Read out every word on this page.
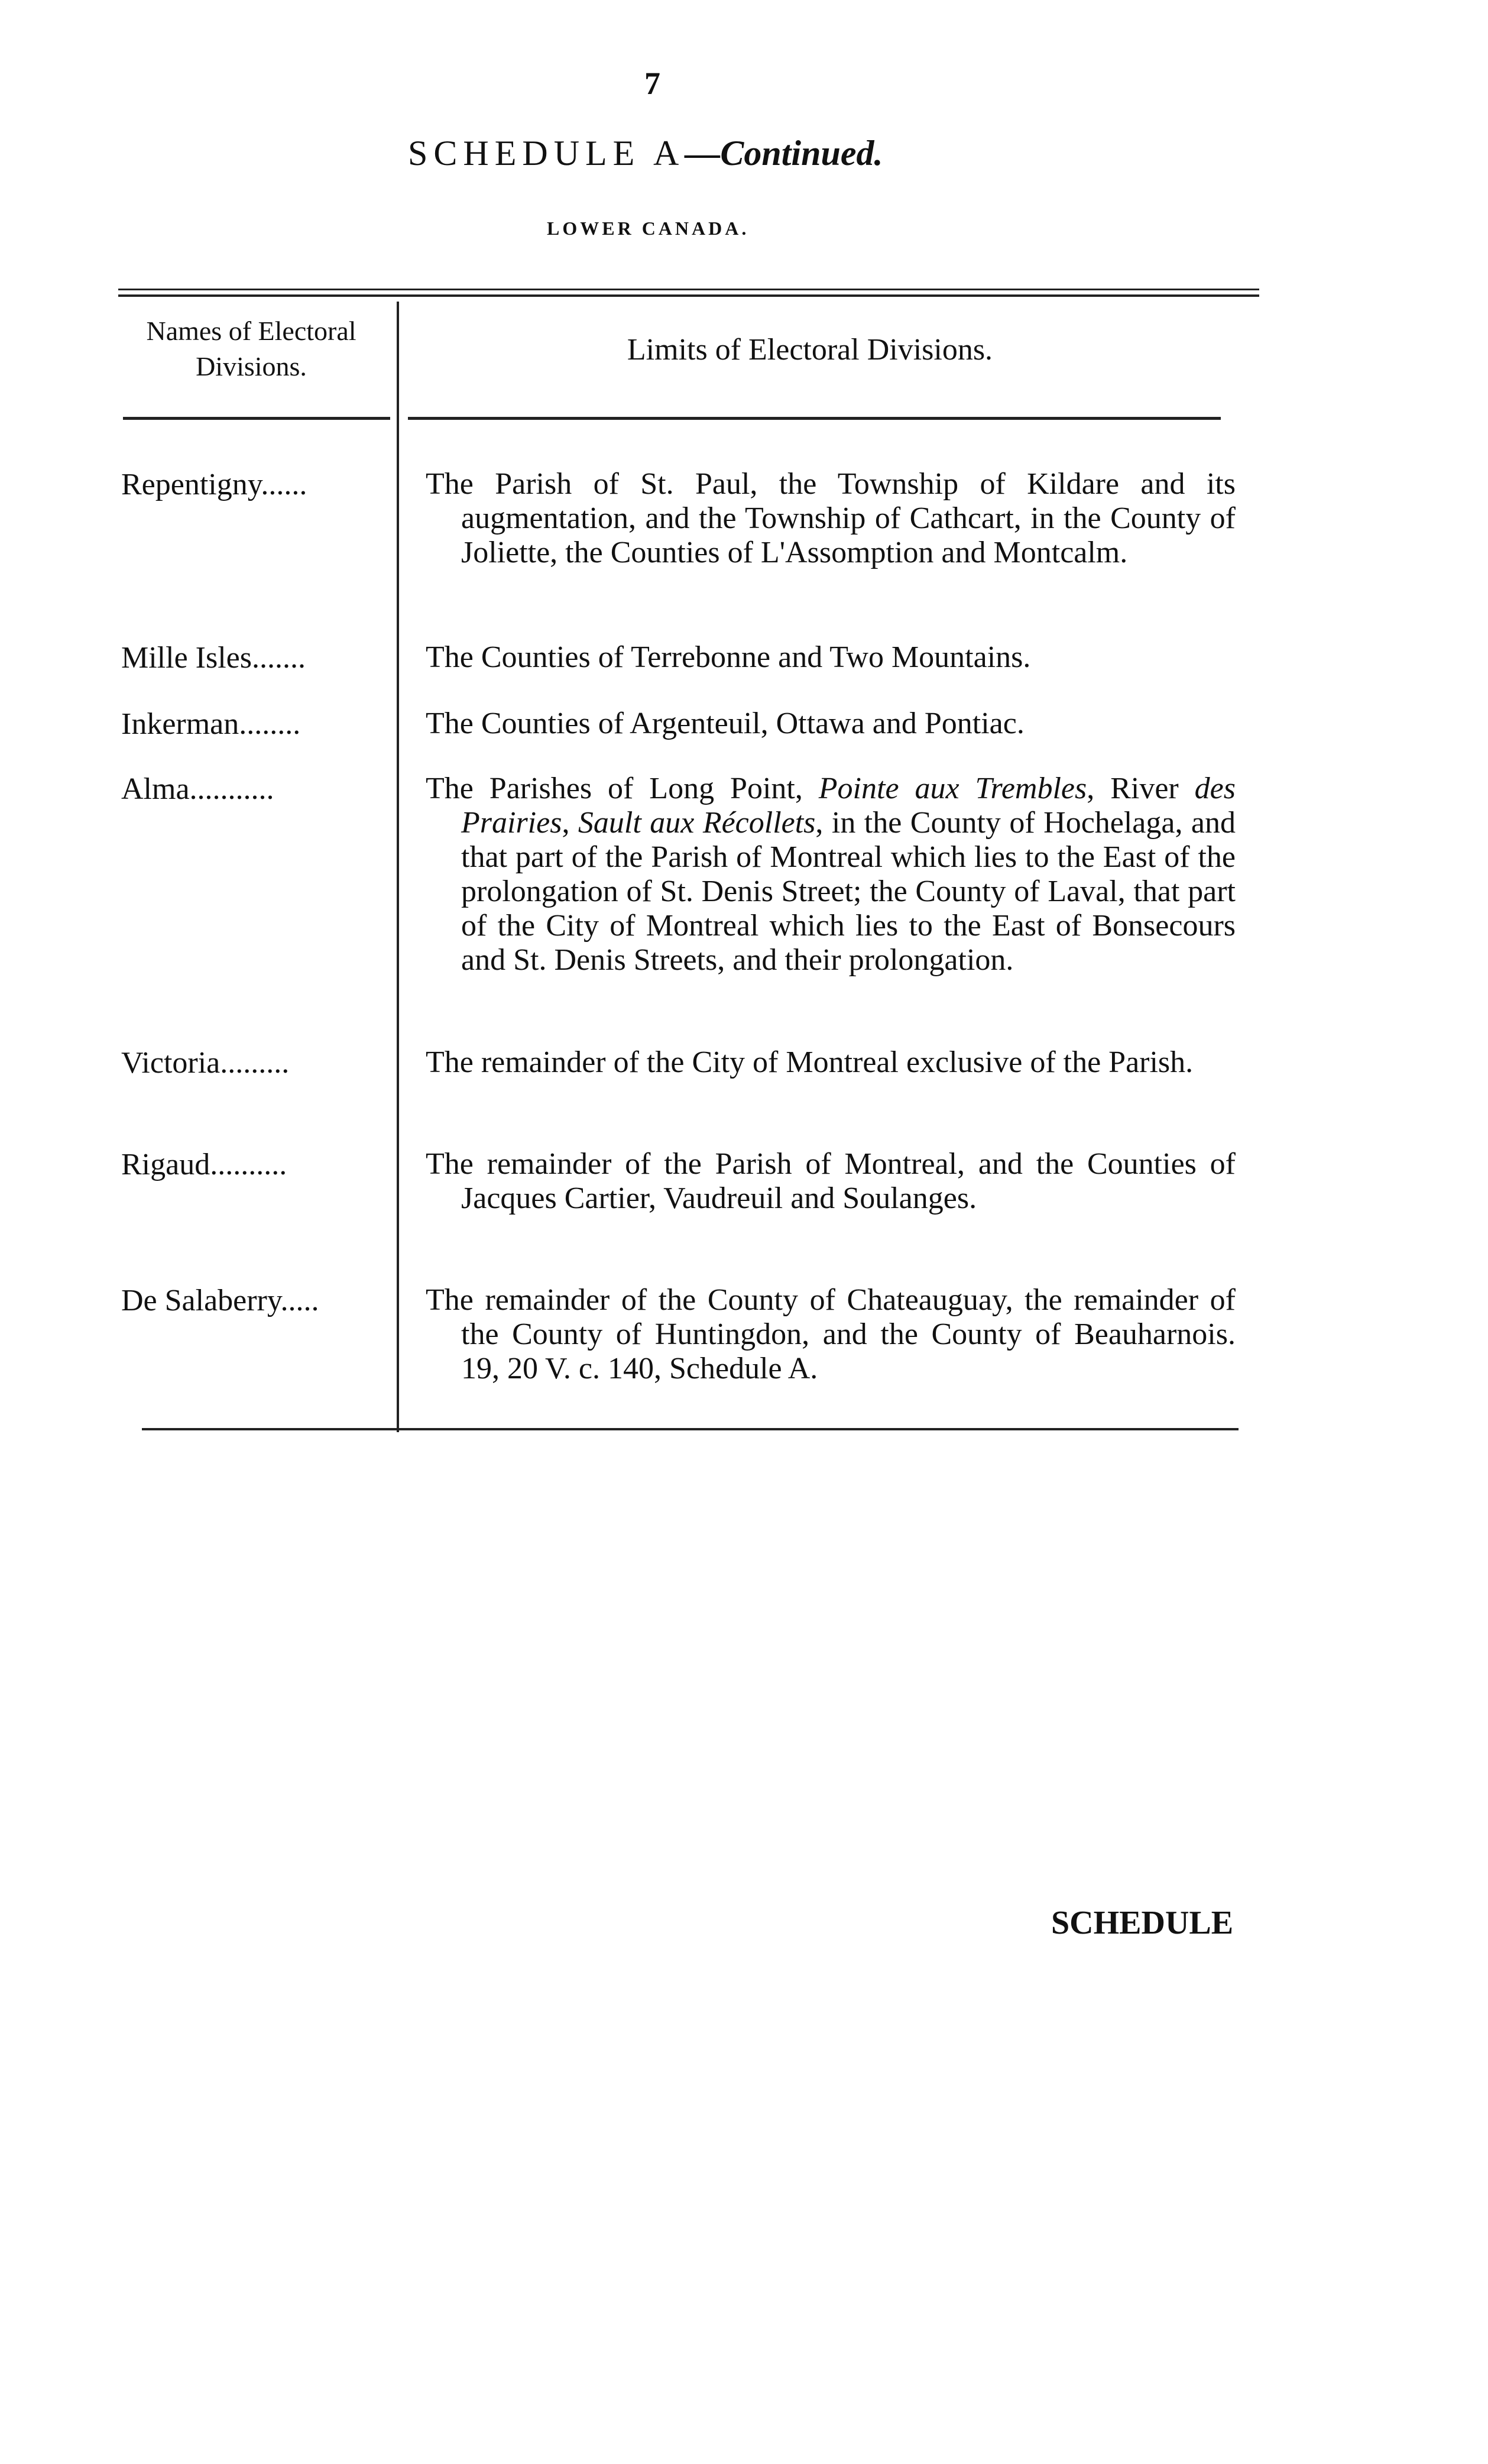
7
SCHEDULE A—Continued.
LOWER CANADA.
Names of Electoral Divisions.	Limits of Electoral Divisions.
Repentigny......	The Parish of St. Paul, the Township of Kildare and its augmentation, and the Township of Cathcart, in the County of Joliette, the Counties of L'Assomption and Montcalm.
Mille Isles.......	The Counties of Terrebonne and Two Mountains.
Inkerman........	The Counties of Argenteuil, Ottawa and Pontiac.
Alma...........	The Parishes of Long Point, Pointe aux Trembles, River des Prairies, Sault aux Récollets, in the County of Hochelaga, and that part of the Parish of Montreal which lies to the East of the prolongation of St. Denis Street; the County of Laval, that part of the City of Montreal which lies to the East of Bonsecours and St. Denis Streets, and their prolongation.
Victoria.........	The remainder of the City of Montreal exclusive of the Parish.
Rigaud..........	The remainder of the Parish of Montreal, and the Counties of Jacques Cartier, Vaudreuil and Soulanges.
De Salaberry.....	The remainder of the County of Chateauguay, the remainder of the County of Huntingdon, and the County of Beauharnois. 19, 20 V. c. 140, Schedule A.
SCHEDULE
